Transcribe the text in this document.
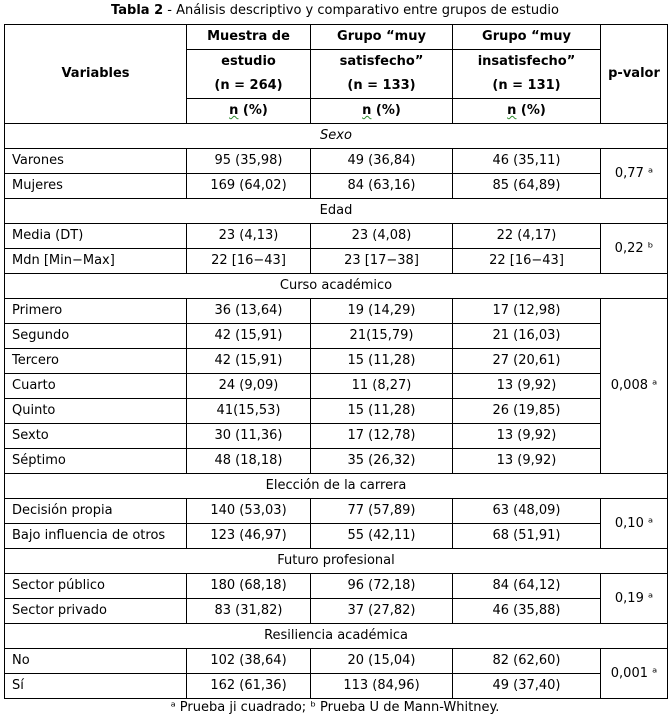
Tabla 2 - Análisis descriptivo y comparativo entre grupos de estudio
Variables	Muestra de	Grupo “muy	Grupo “muy	p-valor
	estudio	satisfecho”	insatisfecho”	
	(n = 264)	(n = 133)	(n = 131)	
	n (%)	n (%)	n (%)	
Sexo				
Varones	95 (35,98)	49 (36,84)	46 (35,11)	0,77 ᵃ
Mujeres	169 (64,02)	84 (63,16)	85 (64,89)	
Edad				
Media (DT)	23 (4,13)	23 (4,08)	22 (4,17)	0,22 ᵇ
Mdn [Min−Max]	22 [16−43]	23 [17−38]	22 [16−43]	
Curso académico				
Primero	36 (13,64)	19 (14,29)	17 (12,98)	0,008 ᵃ
Segundo	42 (15,91)	21(15,79)	21 (16,03)	
Tercero	42 (15,91)	15 (11,28)	27 (20,61)	
Cuarto	24 (9,09)	11 (8,27)	13 (9,92)	
Quinto	41(15,53)	15 (11,28)	26 (19,85)	
Sexto	30 (11,36)	17 (12,78)	13 (9,92)	
Séptimo	48 (18,18)	35 (26,32)	13 (9,92)	
Elección de la carrera				
Decisión propia	140 (53,03)	77 (57,89)	63 (48,09)	0,10 ᵃ
Bajo influencia de otros	123 (46,97)	55 (42,11)	68 (51,91)	
Futuro profesional				
Sector público	180 (68,18)	96 (72,18)	84 (64,12)	0,19 ᵃ
Sector privado	83 (31,82)	37 (27,82)	46 (35,88)	
Resiliencia académica				
No	102 (38,64)	20 (15,04)	82 (62,60)	0,001 ᵃ
Sí	162 (61,36)	113 (84,96)	49 (37,40)	
ᵃ Prueba ji cuadrado; ᵇ Prueba U de Mann-Whitney.
